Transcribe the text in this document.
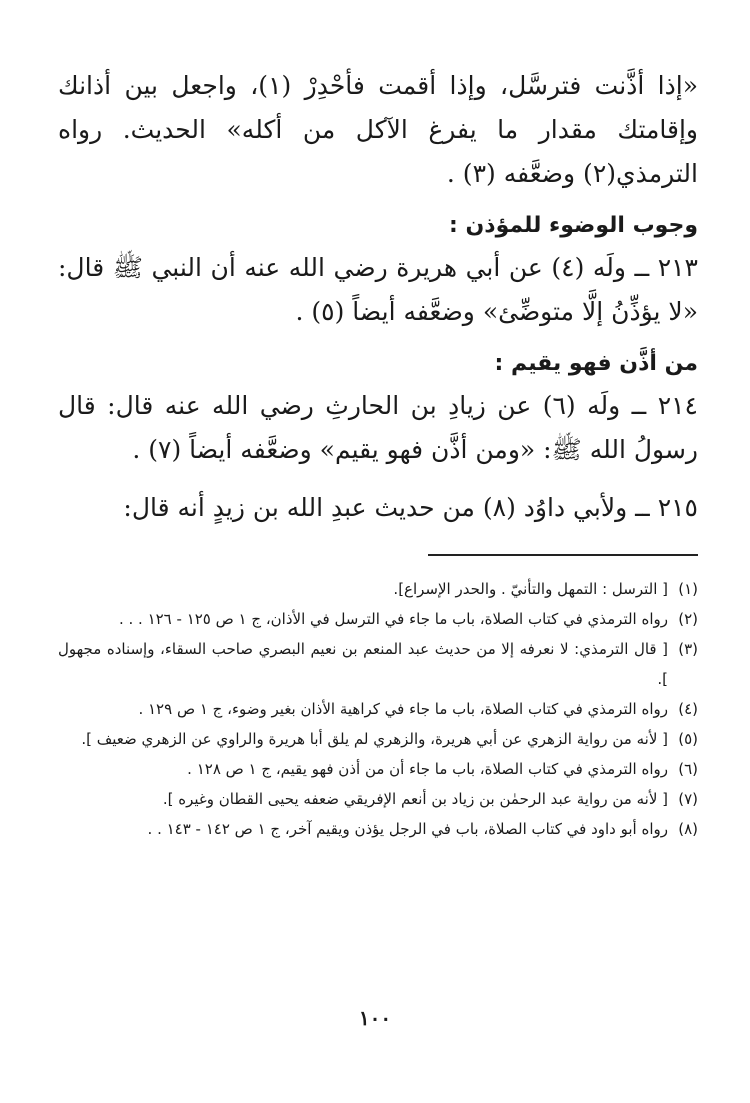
«إذا أذَّنت فترسَّل، وإذا أقمت فأحْدِرْ (١)، واجعل بين أذانك وإقامتك مقدار ما يفرغ الآكل من أكله» الحديث. رواه الترمذي(٢) وضعَّفه (٣) .

وجوب الوضوء للمؤذن :

٢١٣ ــ ولَه (٤) عن أبي هريرة رضي الله عنه أن النبي ﷺ قال: «لا يؤذِّنُ إلَّا متوضِّئ» وضعَّفه أيضاً (٥) .

من أذَّن فهو يقيم :

٢١٤ ــ ولَه (٦) عن زيادِ بن الحارثِ رضي الله عنه قال: قال رسولُ الله ﷺ: «ومن أذَّن فهو يقيم» وضعَّفه أيضاً (٧) .

٢١٥ ــ ولأبي داوُد (٨) من حديث عبدِ الله بن زيدٍ أنه قال:

(١)
[ الترسل : التمهل والتأنيّ . والحدر الإسراع].
(٢)
رواه الترمذي في كتاب الصلاة، باب ما جاء في الترسل في الأذان، ج ١ ص ١٢٥ - ١٢٦ . . .
(٣)
[ قال الترمذي: لا نعرفه إلا من حديث عبد المنعم بن نعيم البصري صاحب السقاء، وإسناده مجهول ].
(٤)
رواه الترمذي في كتاب الصلاة، باب ما جاء في كراهية الأذان بغير وضوء، ج ١ ص ١٢٩ .
(٥)
[ لأنه من رواية الزهري عن أبي هريرة، والزهري لم يلق أبا هريرة والراوي عن الزهري ضعيف ].
(٦)
رواه الترمذي في كتاب الصلاة، باب ما جاء أن من أذن فهو يقيم، ج ١ ص ١٢٨ .
(٧)
[ لأنه من رواية عبد الرحمٰن بن زياد بن أنعم الإفريقي ضعفه يحيى القطان وغيره ].
(٨)
رواه أبو داود في كتاب الصلاة، باب في الرجل يؤذن ويقيم آخر، ج ١ ص ١٤٢ - ١٤٣ . .
١٠٠
